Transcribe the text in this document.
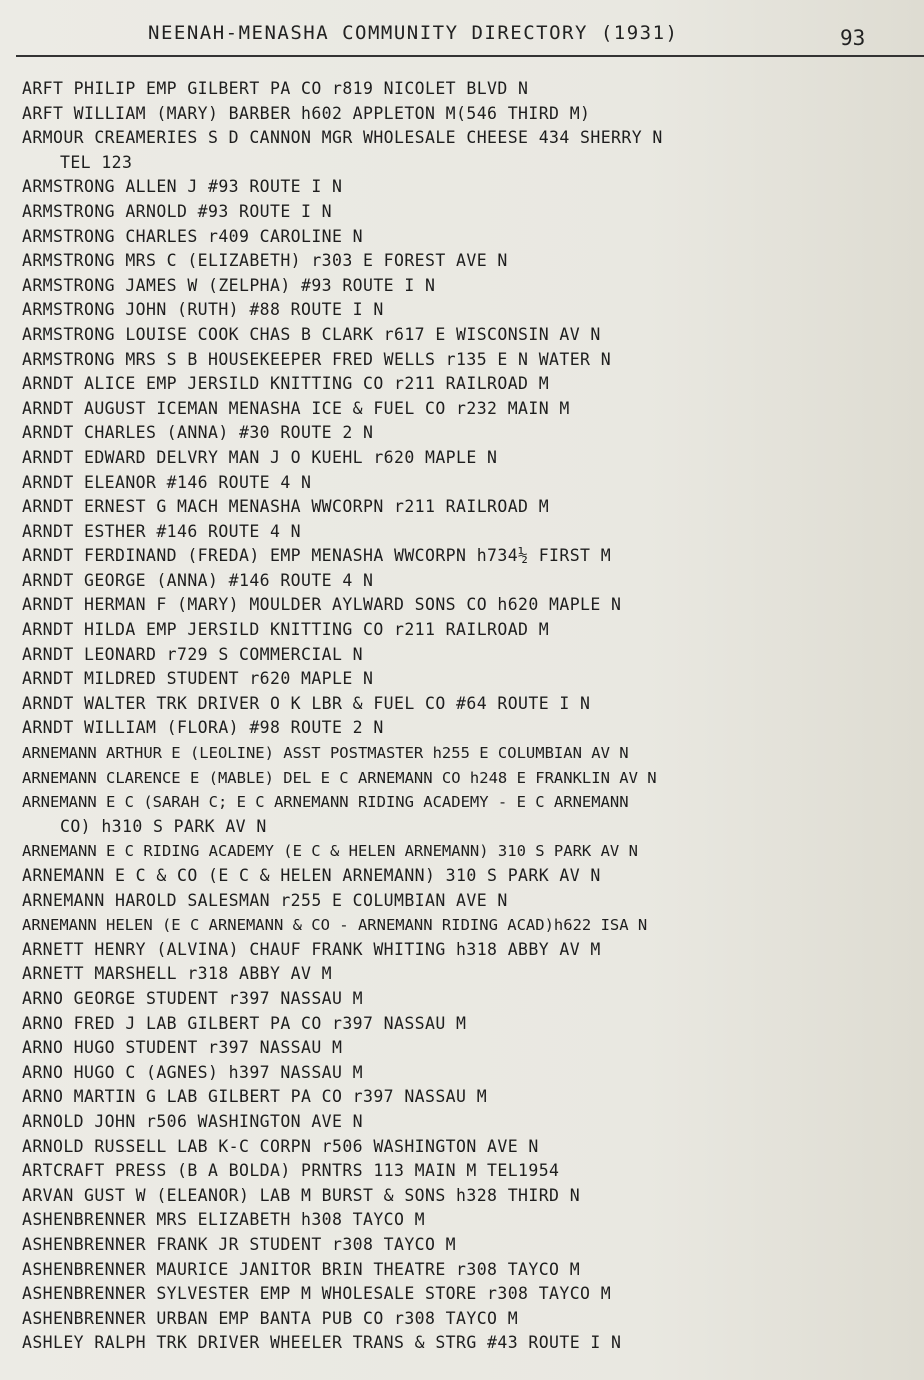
NEENAH-MENASHA COMMUNITY DIRECTORY (1931)	93
ARFT PHILIP EMP GILBERT PA CO r819 NICOLET BLVD N
ARFT WILLIAM (MARY) BARBER h602 APPLETON M(546 THIRD M)
ARMOUR CREAMERIES S D CANNON MGR WHOLESALE CHEESE 434 SHERRY N
TEL 123
ARMSTRONG ALLEN J #93 ROUTE I N
ARMSTRONG ARNOLD #93 ROUTE I N
ARMSTRONG CHARLES r409 CAROLINE N
ARMSTRONG MRS C (ELIZABETH) r303 E FOREST AVE N
ARMSTRONG JAMES W (ZELPHA) #93 ROUTE I N
ARMSTRONG JOHN (RUTH) #88 ROUTE I N
ARMSTRONG LOUISE COOK CHAS B CLARK r617 E WISCONSIN AV N
ARMSTRONG MRS S B HOUSEKEEPER FRED WELLS r135 E N WATER N
ARNDT ALICE EMP JERSILD KNITTING CO r211 RAILROAD M
ARNDT AUGUST ICEMAN MENASHA ICE & FUEL CO r232 MAIN M
ARNDT CHARLES (ANNA) #30 ROUTE 2 N
ARNDT EDWARD DELVRY MAN J O KUEHL r620 MAPLE N
ARNDT ELEANOR #146 ROUTE 4 N
ARNDT ERNEST G MACH MENASHA WWCORPN r211 RAILROAD M
ARNDT ESTHER #146 ROUTE 4 N
ARNDT FERDINAND (FREDA) EMP MENASHA WWCORPN h734½ FIRST M
ARNDT GEORGE (ANNA) #146 ROUTE 4 N
ARNDT HERMAN F (MARY) MOULDER AYLWARD SONS CO h620 MAPLE N
ARNDT HILDA EMP JERSILD KNITTING CO r211 RAILROAD M
ARNDT LEONARD r729 S COMMERCIAL N
ARNDT MILDRED STUDENT r620 MAPLE N
ARNDT WALTER TRK DRIVER O K LBR & FUEL CO #64 ROUTE I N
ARNDT WILLIAM (FLORA) #98 ROUTE 2 N
ARNEMANN ARTHUR E (LEOLINE) ASST POSTMASTER h255 E COLUMBIAN AV N
ARNEMANN CLARENCE E (MABLE) DEL E C ARNEMANN CO h248 E FRANKLIN AV N
ARNEMANN E C (SARAH C; E C ARNEMANN RIDING ACADEMY - E C ARNEMANN
CO) h310 S PARK AV N
ARNEMANN E C RIDING ACADEMY (E C & HELEN ARNEMANN) 310 S PARK AV N
ARNEMANN E C & CO (E C & HELEN ARNEMANN) 310 S PARK AV N
ARNEMANN HAROLD SALESMAN r255 E COLUMBIAN AVE N
ARNEMANN HELEN (E C ARNEMANN & CO - ARNEMANN RIDING ACAD)h622 ISA N
ARNETT HENRY (ALVINA) CHAUF FRANK WHITING h318 ABBY AV M
ARNETT MARSHELL r318 ABBY AV M
ARNO GEORGE STUDENT r397 NASSAU M
ARNO FRED J LAB GILBERT PA CO r397 NASSAU M
ARNO HUGO STUDENT r397 NASSAU M
ARNO HUGO C (AGNES) h397 NASSAU M
ARNO MARTIN G LAB GILBERT PA CO r397 NASSAU M
ARNOLD JOHN r506 WASHINGTON AVE N
ARNOLD RUSSELL LAB K-C CORPN r506 WASHINGTON AVE N
ARTCRAFT PRESS (B A BOLDA) PRNTRS 113 MAIN M TEL1954
ARVAN GUST W (ELEANOR) LAB M BURST & SONS h328 THIRD N
ASHENBRENNER MRS ELIZABETH h308 TAYCO M
ASHENBRENNER FRANK JR STUDENT r308 TAYCO M
ASHENBRENNER MAURICE JANITOR BRIN THEATRE r308 TAYCO M
ASHENBRENNER SYLVESTER EMP M WHOLESALE STORE r308 TAYCO M
ASHENBRENNER URBAN EMP BANTA PUB CO r308 TAYCO M
ASHLEY RALPH TRK DRIVER WHEELER TRANS & STRG #43 ROUTE I N
